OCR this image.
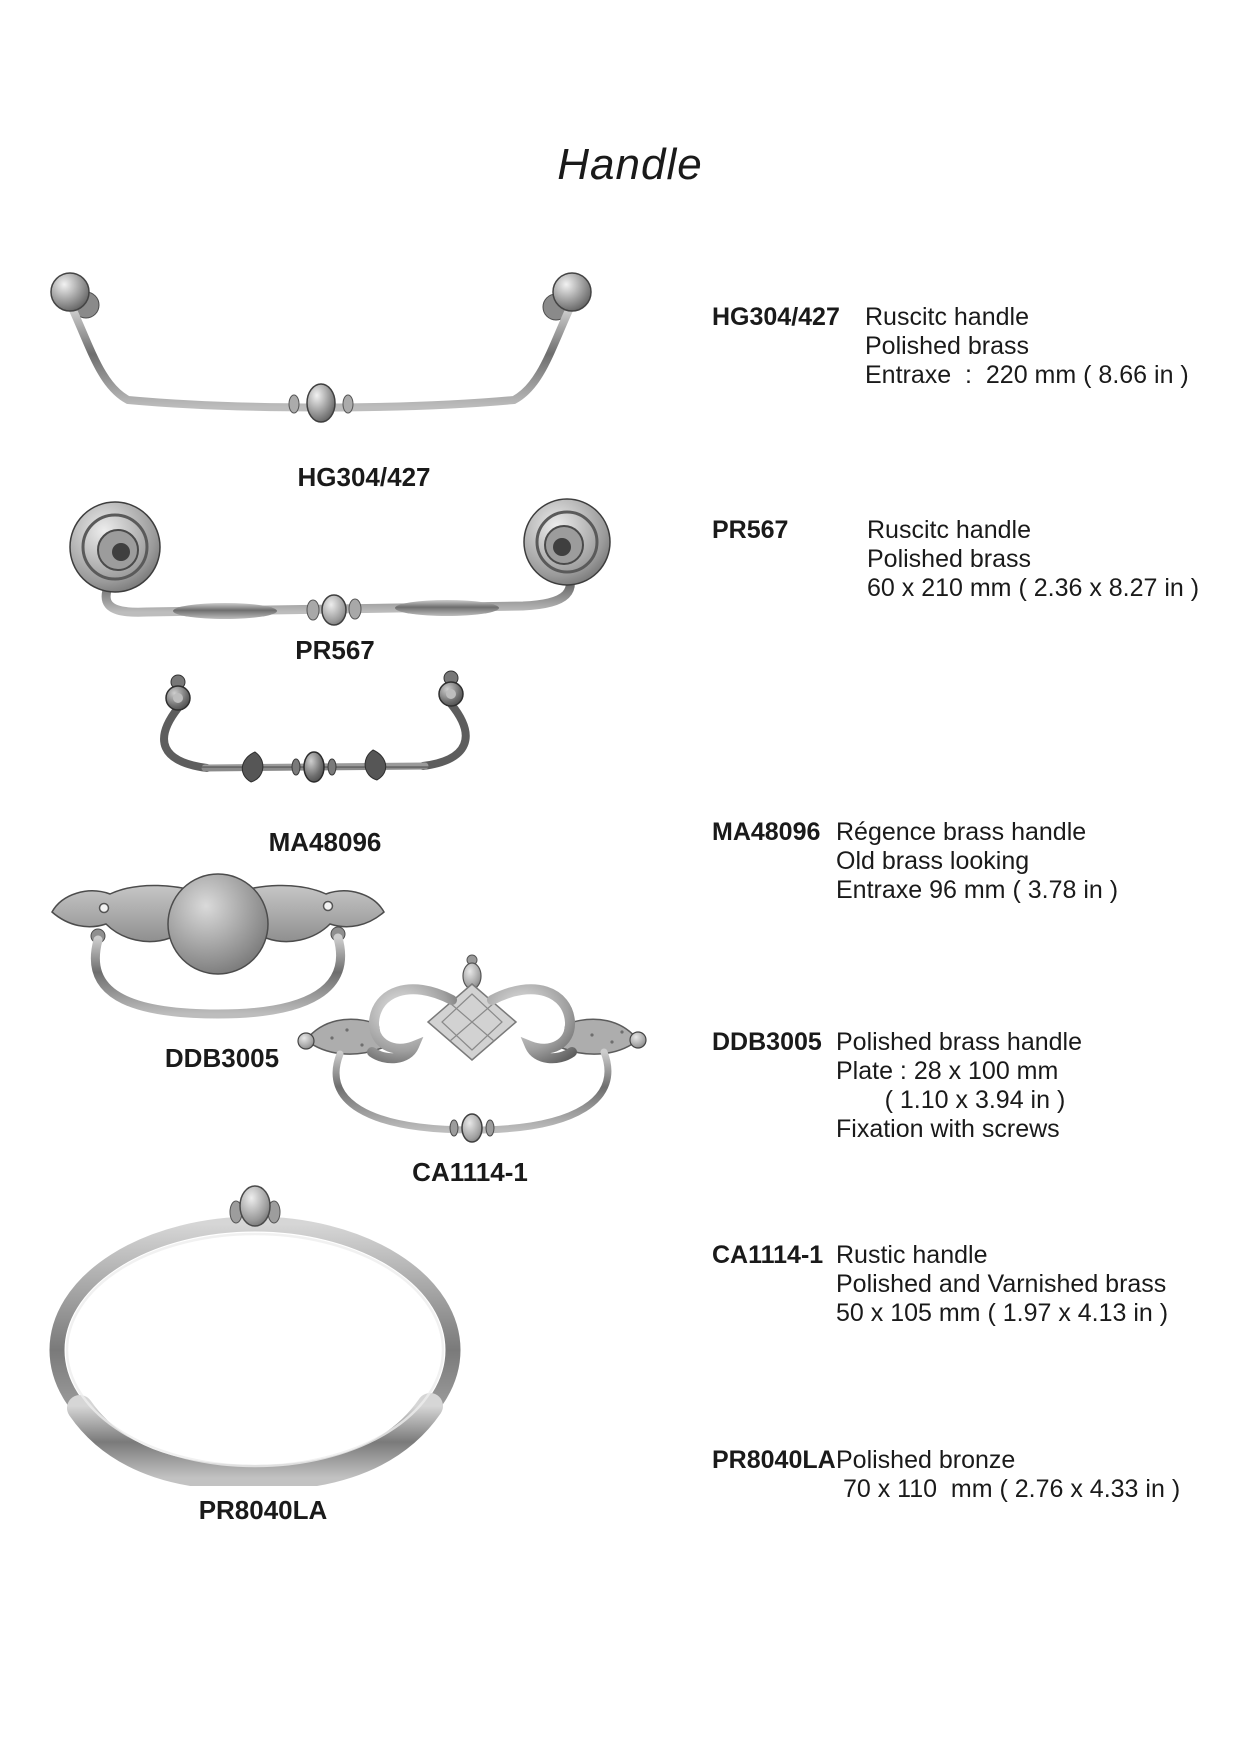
Handle
HG304/427
HG304/427 Ruscitc handle
Polished brass
Entraxe  :  220 mm ( 8.66 in )
PR567
PR567	Ruscitc handle
Polished brass
60 x 210 mm ( 2.36 x 8.27 in )
MA48096	MA48096 Régence brass handle
Old brass looking
Entraxe 96 mm ( 3.78 in )
DDB3005
DDB3005 Polished brass handle
Plate : 28 x 100 mm
( 1.10 x 3.94 in )
Fixation with screws
CA1114-1
CA1114-1 Rustic handle
Polished and Varnished brass
50 x 105 mm ( 1.97 x 4.13 in )
PR8040LA
PR8040LA Polished bronze
70 x 110  mm ( 2.76 x 4.33 in )
